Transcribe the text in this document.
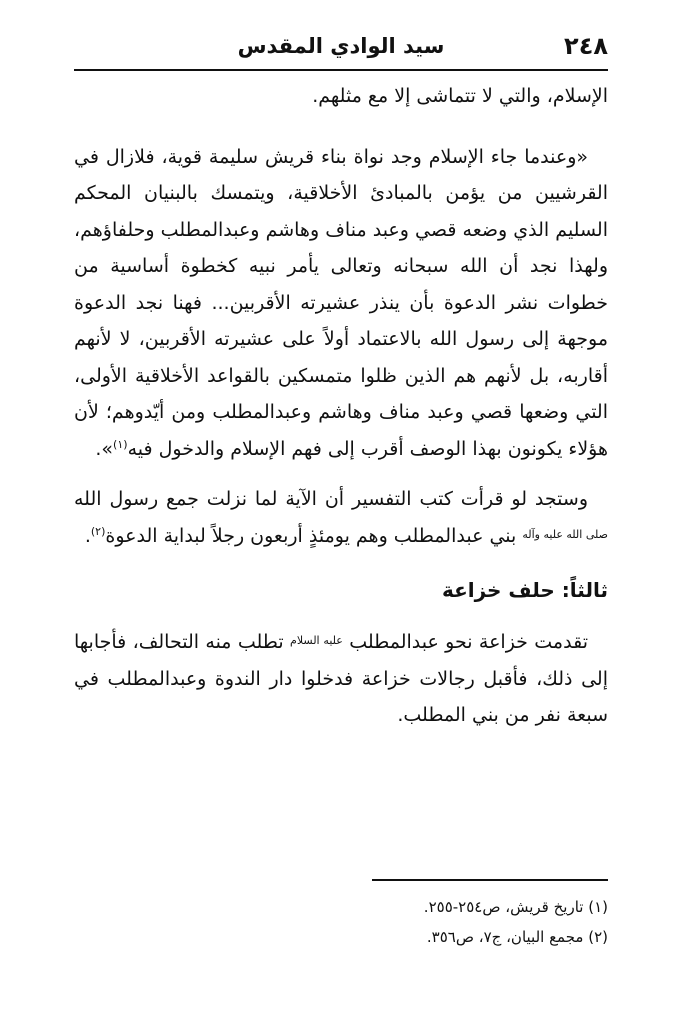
٢٤٨
سيد الوادي المقدس

الإسلام، والتي لا تتماشى إلا مع مثلهم.

«وعندما جاء الإسلام وجد نواة بناء قريش سليمة قوية، فلازال في القرشيين من يؤمن بالمبادئ الأخلاقية، ويتمسك بالبنيان المحكم السليم الذي وضعه قصي وعبد مناف وهاشم وعبدالمطلب وحلفاؤهم، ولهذا نجد أن الله سبحانه وتعالى يأمر نبيه كخطوة أساسية من خطوات نشر الدعوة بأن ينذر عشيرته الأقربين... فهنا نجد الدعوة موجهة إلى رسول الله بالاعتماد أولاً على عشيرته الأقربين، لا لأنهم أقاربه، بل لأنهم هم الذين ظلوا متمسكين بالقواعد الأخلاقية الأولى، التي وضعها قصي وعبد مناف وهاشم وعبدالمطلب ومن أيّدوهم؛ لأن هؤلاء يكونون بهذا الوصف أقرب إلى فهم الإسلام والدخول فيه$^{(١)}$».

وستجد لو قرأت كتب التفسير أن الآية لما نزلت جمع رسول الله $^{صلى الله عليه وآله}$ بني عبدالمطلب وهم يومئذٍ أربعون رجلاً لبداية الدعوة$^{(٢)}$.

ثالثاً: حلف خزاعة

تقدمت خزاعة نحو عبدالمطلب $^{عليه السلام}$ تطلب منه التحالف، فأجابها إلى ذلك، فأقبل رجالات خزاعة فدخلوا دار الندوة وعبدالمطلب في سبعة نفر من بني المطلب.

(١) تاريخ قريش، ص٢٥٤-٢٥٥.

(٢) مجمع البيان، ج٧، ص٣٥٦.
